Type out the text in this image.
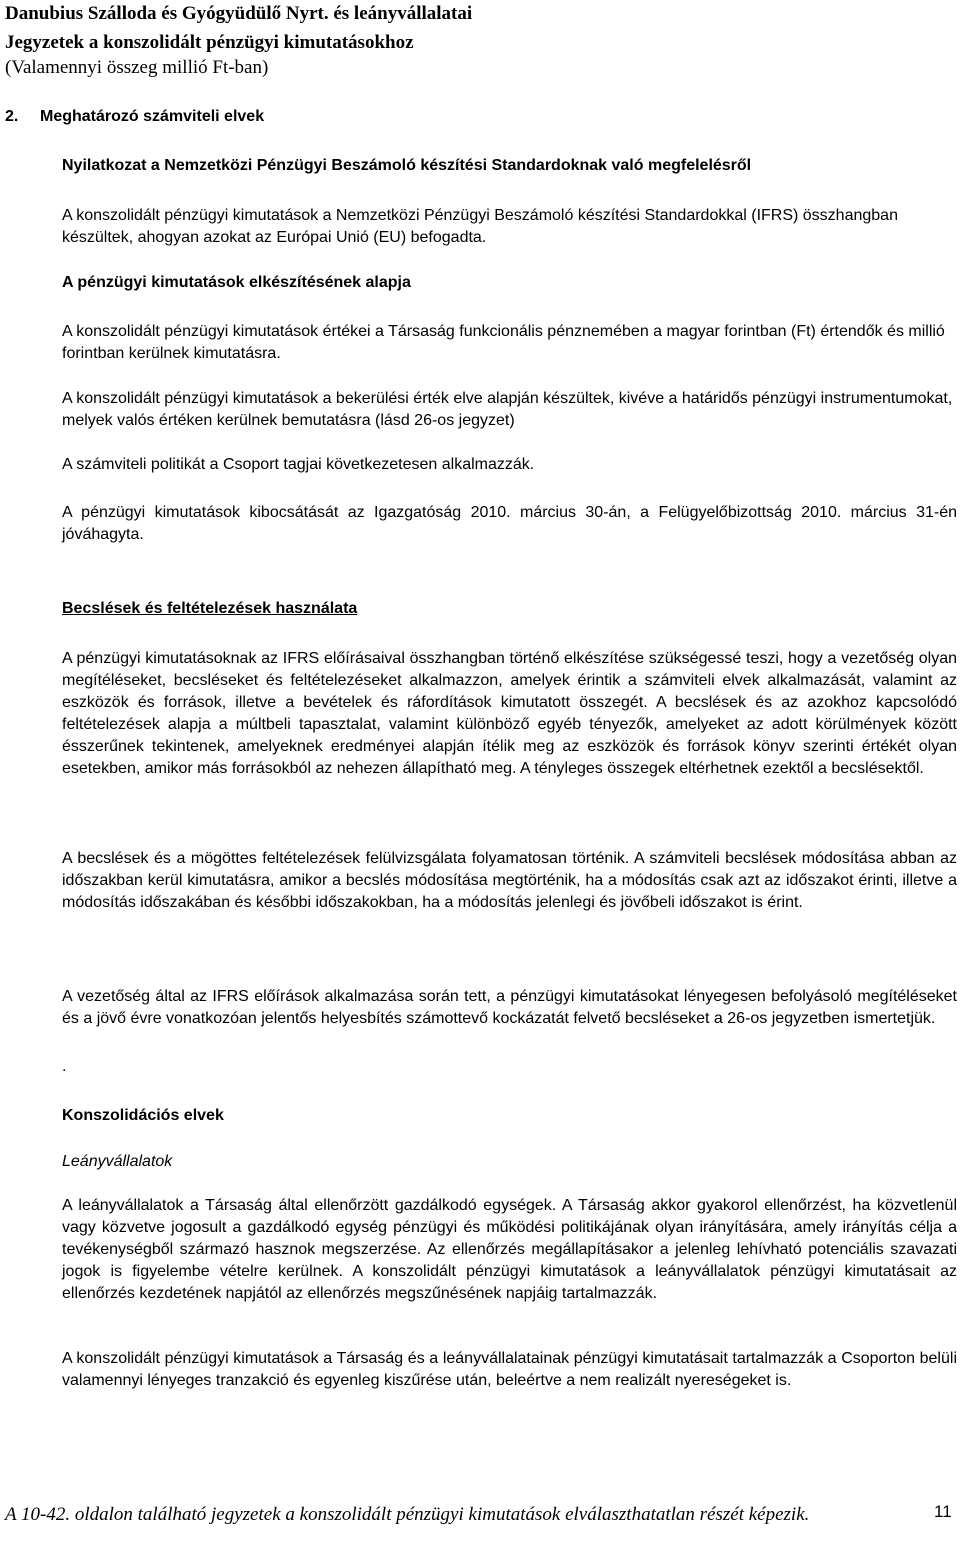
Danubius Szálloda és Gyógyüdülő Nyrt. és leányvállalatai
Jegyzetek a konszolidált pénzügyi kimutatásokhoz
(Valamennyi összeg millió Ft-ban)
2. Meghatározó számviteli elvek
Nyilatkozat a Nemzetközi Pénzügyi Beszámoló készítési Standardoknak való megfelelésről
A konszolidált pénzügyi kimutatások a Nemzetközi Pénzügyi Beszámoló készítési Standardokkal (IFRS) összhangban készültek, ahogyan azokat az Európai Unió (EU) befogadta.
A pénzügyi kimutatások elkészítésének alapja
A konszolidált pénzügyi kimutatások értékei a Társaság funkcionális pénznemében a magyar forintban (Ft) értendők és millió forintban kerülnek kimutatásra.
A konszolidált pénzügyi kimutatások a bekerülési érték elve alapján készültek, kivéve a határidős pénzügyi instrumentumokat, melyek valós értéken kerülnek bemutatásra (lásd 26-os jegyzet)
A számviteli politikát a Csoport tagjai következetesen alkalmazzák.
A pénzügyi kimutatások kibocsátását az Igazgatóság 2010. március 30-án, a Felügyelőbizottság 2010. március 31-én jóváhagyta.
Becslések és feltételezések használata
A pénzügyi kimutatásoknak az IFRS előírásaival összhangban történő elkészítése szükségessé teszi, hogy a vezetőség olyan megítéléseket, becsléseket és feltételezéseket alkalmazzon, amelyek érintik a számviteli elvek alkalmazását, valamint az eszközök és források, illetve a bevételek és ráfordítások kimutatott összegét. A becslések és az azokhoz kapcsolódó feltételezések alapja a múltbeli tapasztalat, valamint különböző egyéb tényezők, amelyeket az adott körülmények között ésszerűnek tekintenek, amelyeknek eredményei alapján ítélik meg az eszközök és források könyv szerinti értékét olyan esetekben, amikor más forrásokból az nehezen állapítható meg. A tényleges összegek eltérhetnek ezektől a becslésektől.
A becslések és a mögöttes feltételezések felülvizsgálata folyamatosan történik. A számviteli becslések módosítása abban az időszakban kerül kimutatásra, amikor a becslés módosítása megtörténik, ha a módosítás csak azt az időszakot érinti, illetve a módosítás időszakában és későbbi időszakokban, ha a módosítás jelenlegi és jövőbeli időszakot is érint.
A vezetőség által az IFRS előírások alkalmazása során tett, a pénzügyi kimutatásokat lényegesen befolyásoló megítéléseket és a jövő évre vonatkozóan jelentős helyesbítés számottevő kockázatát felvető becsléseket a 26-os jegyzetben ismertetjük.
.
Konszolidációs elvek
Leányvállalatok
A leányvállalatok a Társaság által ellenőrzött gazdálkodó egységek. A Társaság akkor gyakorol ellenőrzést, ha közvetlenül vagy közvetve jogosult a gazdálkodó egység pénzügyi és működési politikájának olyan irányítására, amely irányítás célja a tevékenységből származó hasznok megszerzése. Az ellenőrzés megállapításakor a jelenleg lehívható potenciális szavazati jogok is figyelembe vételre kerülnek. A konszolidált pénzügyi kimutatások a leányvállalatok pénzügyi kimutatásait az ellenőrzés kezdetének napjától az ellenőrzés megszűnésének napjáig tartalmazzák.
A konszolidált pénzügyi kimutatások a Társaság és a leányvállalatainak pénzügyi kimutatásait tartalmazzák a Csoporton belüli valamennyi lényeges tranzakció és egyenleg kiszűrése után, beleértve a nem realizált nyereségeket is.
A 10-42. oldalon található jegyzetek a konszolidált pénzügyi kimutatások elválaszthatatlan részét képezik.	11
